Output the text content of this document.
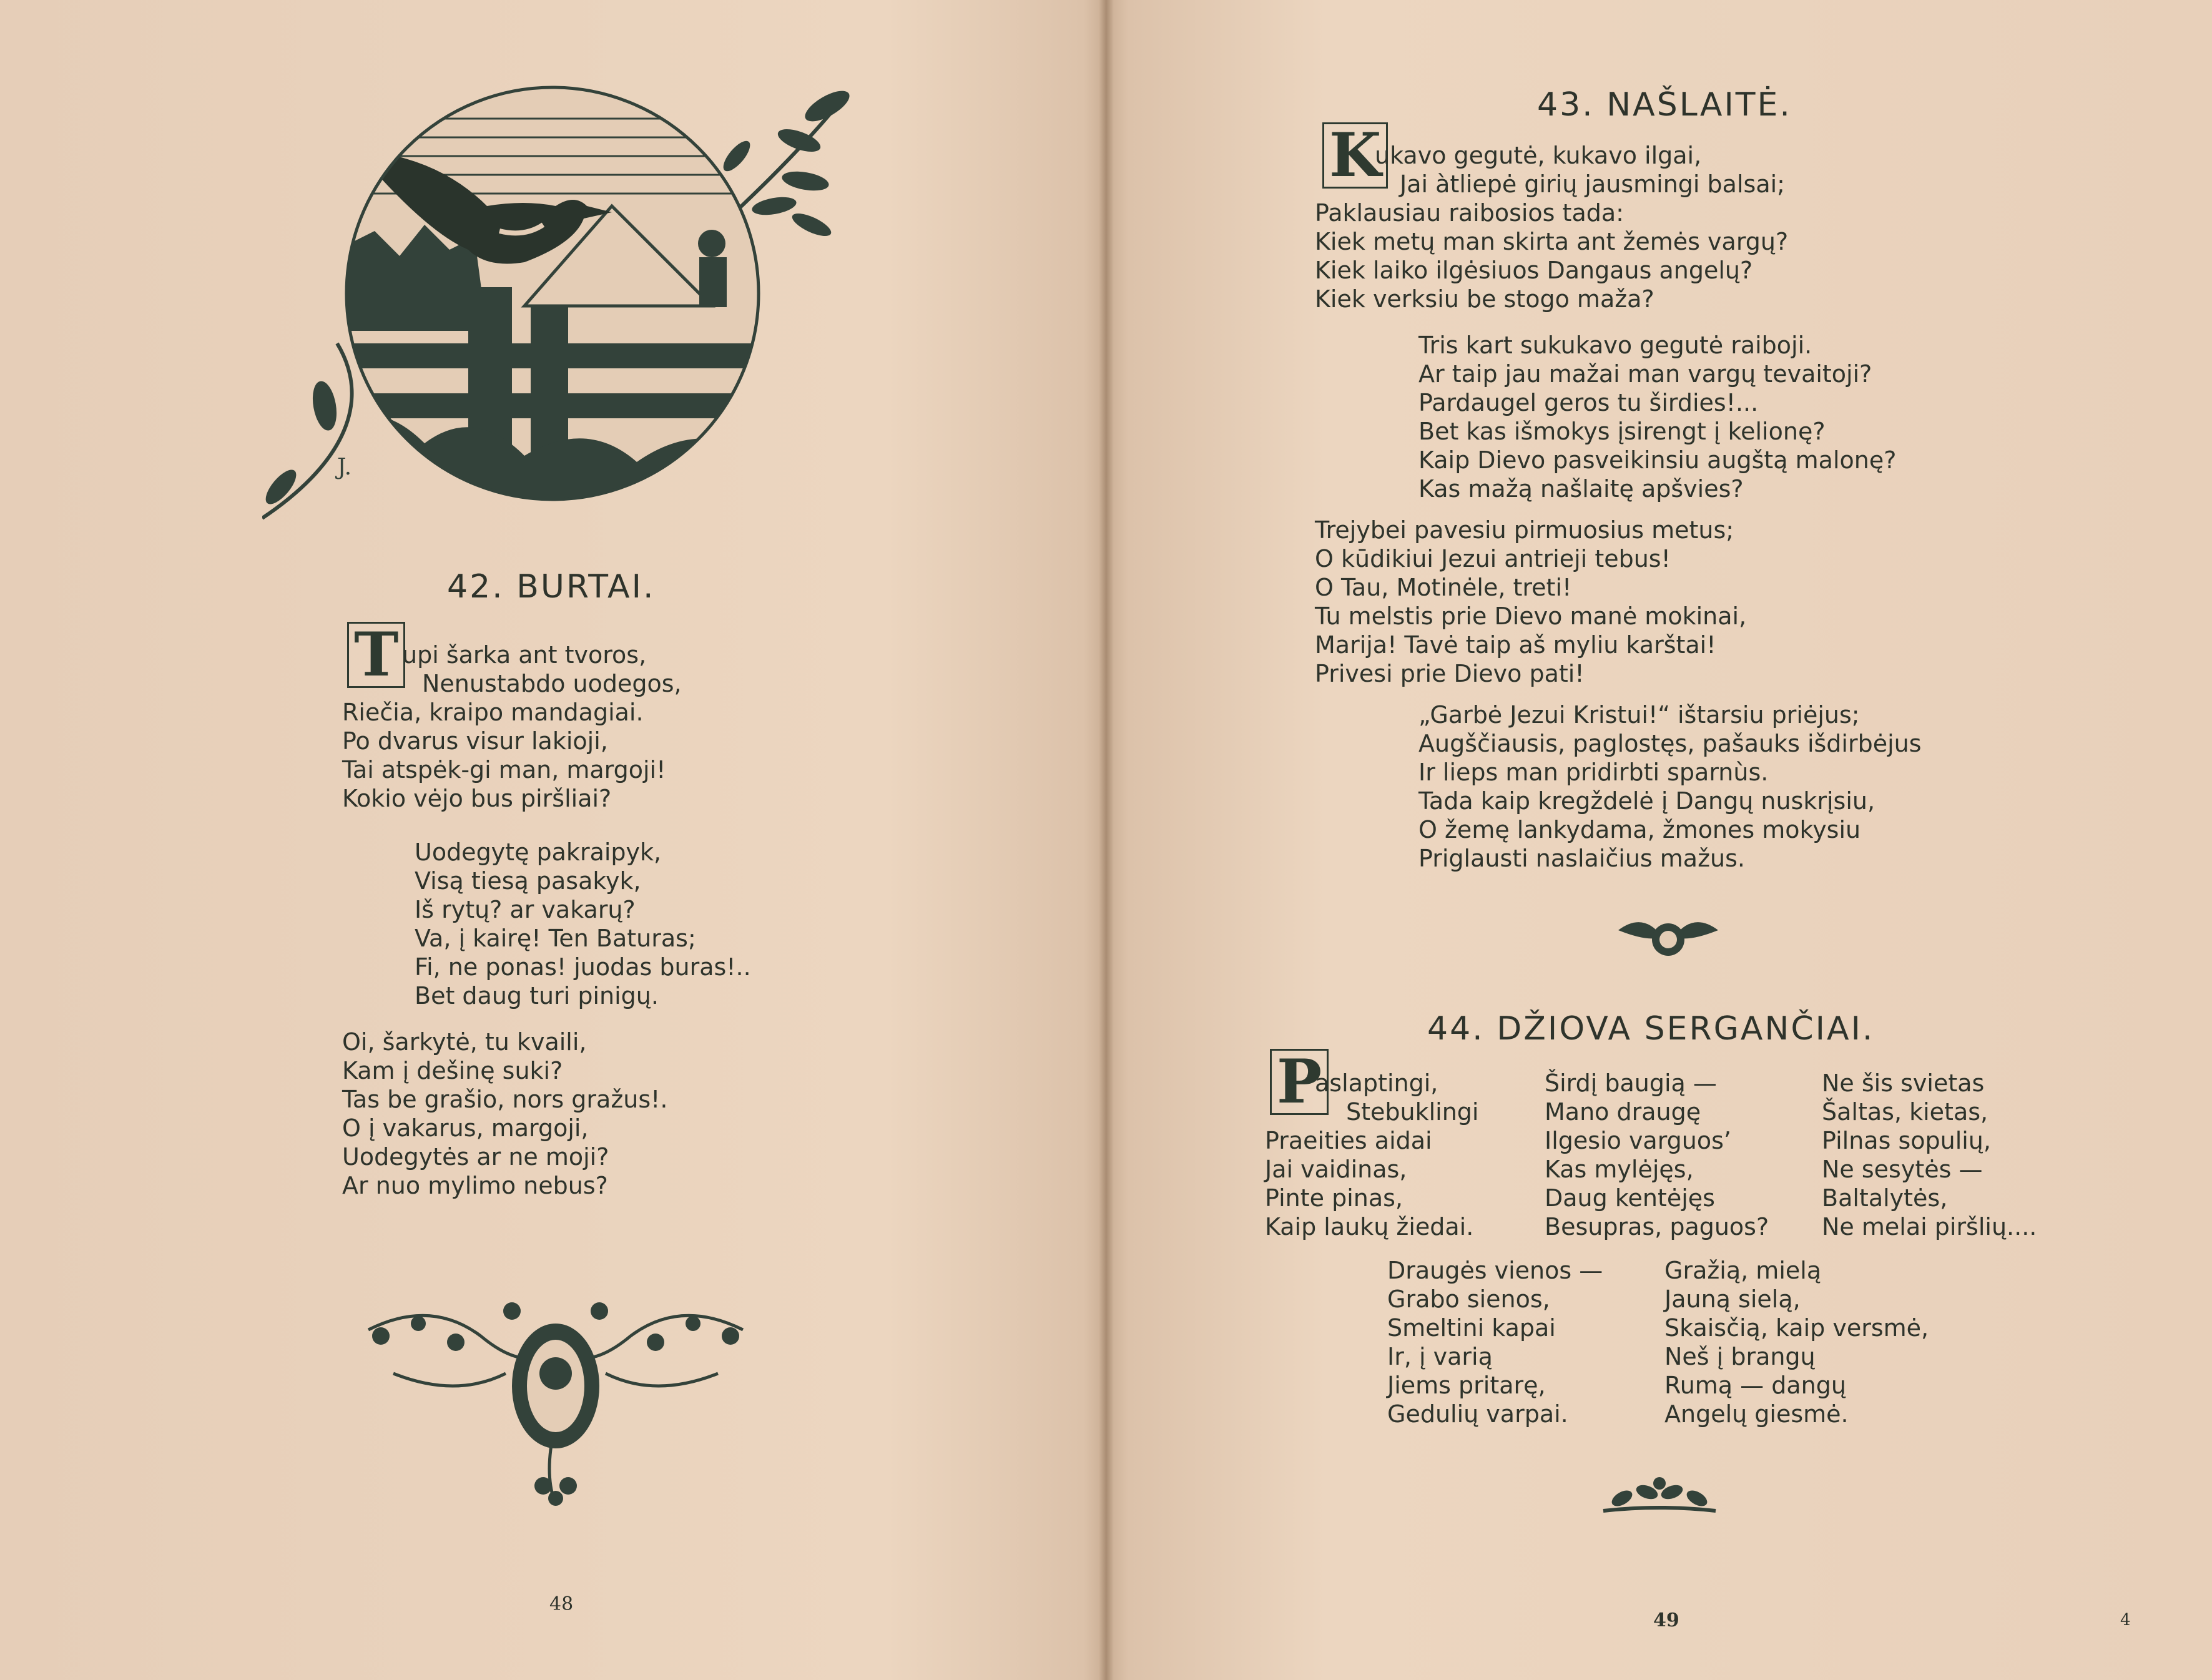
J.
42. BURTAI.
T upi šarka ant tvoros,
Nenustabdo uodegos,
Riečia, kraipo mandagiai.
Po dvarus visur lakioji,
Tai atspėk-gi man, margoji!
Kokio vėjo bus piršliai?
Uodegytę pakraipyk,
Visą tiesą pasakyk,
Iš rytų? ar vakarų?
Va, į kairę! Ten Baturas;
Fi, ne ponas! juodas buras!..
Bet daug turi pinigų.
Oi, šarkytė, tu kvaili,
Kam į dešinę suki?
Tas be grašio, nors gražus!.
O į vakarus, margoji,
Uodegytės ar ne moji?
Ar nuo mylimo nebus?
48
43. NAŠLAITĖ.
K
ukavo gegutė, kukavo ilgai,
Jai àtliepė girių jausmingi balsai;
Paklausiau raibosios tada:
Kiek metų man skirta ant žemės vargų?
Kiek laiko ilgėsiuos Dangaus angelų?
Kiek verksiu be stogo maža?
Tris kart sukukavo gegutė raiboji.
Ar taip jau mažai man vargų tevaitoji?
Pardaugel geros tu širdies!...
Bet kas išmokys įsirengt į kelionę?
Kaip Dievo pasveikinsiu augštą malonę?
Kas mažą našlaitę apšvies?
Trejybei pavesiu pirmuosius metus;
O kūdikiui Jezui antrieji tebus!
O Tau, Motinėle, treti!
Tu melstis prie Dievo manė mokinai,
Marija! Tavė taip aš myliu karštai!
Privesi prie Dievo pati!
„Garbė Jezui Kristui!“ ištarsiu priėjus;
Augščiausis, paglostęs, pašauks išdirbėjus
Ir lieps man pridirbti sparnùs.
Tada kaip kregždelė į Dangų nuskrįsiu,
O žemę lankydama, žmones mokysiu
Priglausti naslaičius mažus.
44. DŽIOVA SERGANČIAI.
P
aslaptingi,
Stebuklingi
Praeities aidai
Jai vaidinas,
Pinte pinas,
Kaip laukų žiedai.
Širdį baugią —
Mano draugę
Ilgesio varguos’
Kas mylėjęs,
Daug kentėjęs
Besupras, paguos?
Ne šis svietas
Šaltas, kietas,
Pilnas sopulių,
Ne sesytės —
Baltalytės,
Ne melai piršlių....
Draugės vienos —
Grabo sienos,
Smeltini kapai
Ir, į varią
Jiems pritarę,
Gedulių varpai.
Gražią, mielą
Jauną sielą,
Skaisčią, kaip versmė,
Neš į brangų
Rumą — dangų
Angelų giesmė.
49	4
